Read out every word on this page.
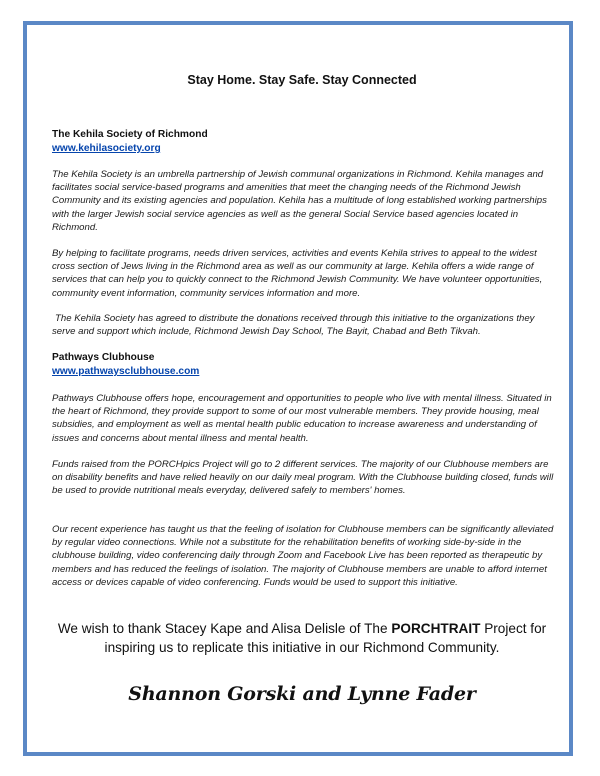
Stay Home. Stay Safe. Stay Connected
The Kehila Society of Richmond
www.kehilasociety.org

The Kehila Society is an umbrella partnership of Jewish communal organizations in Richmond. Kehila manages and facilitates social service-based programs and amenities that meet the changing needs of the Richmond Jewish Community and its existing agencies and population. Kehila has a multitude of long established working partnerships with the larger Jewish social service agencies as well as the general Social Service based agencies located in Richmond.

By helping to facilitate programs, needs driven services, activities and events Kehila strives to appeal to the widest cross section of Jews living in the Richmond area as well as our community at large. Kehila offers a wide range of services that can help you to quickly connect to the Richmond Jewish Community. We have volunteer opportunities, community event information, community services information and more.

The Kehila Society has agreed to distribute the donations received through this initiative to the organizations they serve and support which include, Richmond Jewish Day School, The Bayit, Chabad and Beth Tikvah.

Pathways Clubhouse
www.pathwaysclubhouse.com

Pathways Clubhouse offers hope, encouragement and opportunities to people who live with mental illness. Situated in the heart of Richmond, they provide support to some of our most vulnerable members. They provide housing, meal subsidies, and employment as well as mental health public education to increase awareness and understanding of issues and concerns about mental illness and mental health.

Funds raised from the PORCHpics Project will go to 2 different services. The majority of our Clubhouse members are on disability benefits and have relied heavily on our daily meal program. With the Clubhouse building closed, funds will be used to provide nutritional meals everyday, delivered safely to members' homes.

Our recent experience has taught us that the feeling of isolation for Clubhouse members can be significantly alleviated by regular video connections. While not a substitute for the rehabilitation benefits of working side-by-side in the clubhouse building, video conferencing daily through Zoom and Facebook Live has been reported as therapeutic by members and has reduced the feelings of isolation. The majority of Clubhouse members are unable to afford internet access or devices capable of video conferencing. Funds would be used to support this initiative.

We wish to thank Stacey Kape and Alisa Delisle of The PORCHTRAIT Project for inspiring us to replicate this initiative in our Richmond Community.
Shannon Gorski and Lynne Fader
